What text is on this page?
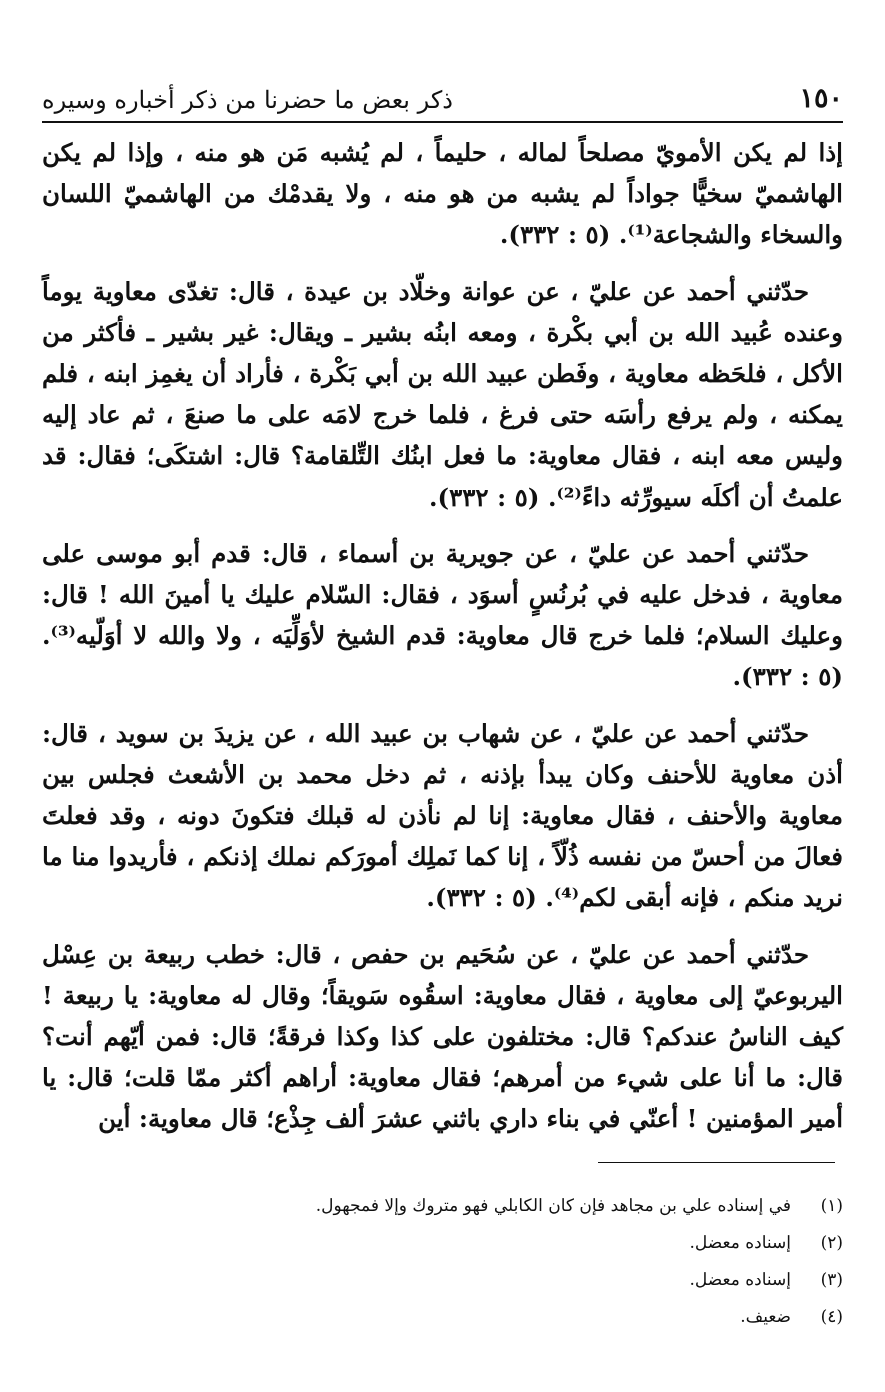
١٥٠
ذكر بعض ما حضرنا من ذكر أخباره وسيره

إذا لم يكن الأمويّ مصلحاً لماله ، حليماً ، لم يُشبه مَن هو منه ، وإذا لم يكن الهاشميّ سخيًّا جواداً لم يشبه من هو منه ، ولا يقدمْك من الهاشميّ اللسان والسخاء والشجاعة⁽¹⁾. (٥ : ٣٣٢).

حدّثني أحمد عن عليّ ، عن عوانة وخلّاد بن عيدة ، قال: تغدّى معاوية يوماً وعنده عُبيد الله بن أبي بكْرة ، ومعه ابنُه بشير ـ ويقال: غير بشير ـ فأكثر من الأكل ، فلحَظه معاوية ، وفَطن عبيد الله بن أبي بَكْرة ، فأراد أن يغمِز ابنه ، فلم يمكنه ، ولم يرفع رأسَه حتى فرغ ، فلما خرج لامَه على ما صنعَ ، ثم عاد إليه وليس معه ابنه ، فقال معاوية: ما فعل ابنُك التِّلقامة؟ قال: اشتكَى؛ فقال: قد علمتُ أن أكلَه سيورِّثه داءً⁽²⁾. (٥ : ٣٣٢).

حدّثني أحمد عن عليّ ، عن جويرية بن أسماء ، قال: قدم أبو موسى على معاوية ، فدخل عليه في بُرنُسٍ أسوَد ، فقال: السّلام عليك يا أمينَ الله ! قال: وعليك السلام؛ فلما خرج قال معاوية: قدم الشيخ لأوَلِّيَه ، ولا والله لا أوَلّيه⁽³⁾. (٥ : ٣٣٢).

حدّثني أحمد عن عليّ ، عن شهاب بن عبيد الله ، عن يزيدَ بن سويد ، قال: أذن معاوية للأحنف وكان يبدأ بإذنه ، ثم دخل محمد بن الأشعث فجلس بين معاوية والأحنف ، فقال معاوية: إنا لم نأذن له قبلك فتكونَ دونه ، وقد فعلتَ فعالَ من أحسّ من نفسه ذُلّاً ، إنا كما نَملِك أمورَكم نملك إذنكم ، فأريدوا منا ما نريد منكم ، فإنه أبقى لكم⁽⁴⁾. (٥ : ٣٣٢).

حدّثني أحمد عن عليّ ، عن سُحَيم بن حفص ، قال: خطب ربيعة بن عِسْل اليربوعيّ إلى معاوية ، فقال معاوية: اسقُوه سَويقاً؛ وقال له معاوية: يا ربيعة ! كيف الناسُ عندكم؟ قال: مختلفون على كذا وكذا فرقةً؛ قال: فمن أيّهم أنت؟ قال: ما أنا على شيء من أمرهم؛ فقال معاوية: أراهم أكثر ممّا قلت؛ قال: يا أمير المؤمنين ! أعنّي في بناء داري باثني عشرَ ألف جِذْع؛ قال معاوية: أين

(١)
في إسناده علي بن مجاهد فإن كان الكابلي فهو متروك وإلا فمجهول.
(٢)
إسناده معضل.
(٣)
إسناده معضل.
(٤)
ضعيف.
